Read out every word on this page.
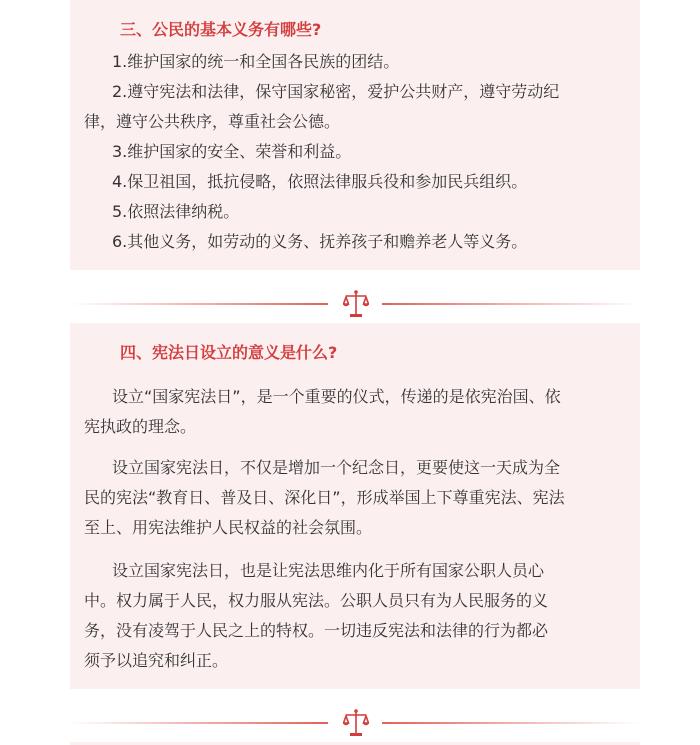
三、公民的基本义务有哪些?

1.维护国家的统一和全国各民族的团结。

2.遵守宪法和法律，保守国家秘密，爱护公共财产，遵守劳动纪

律，遵守公共秩序，尊重社会公德。

3.维护国家的安全、荣誉和利益。

4.保卫祖国，抵抗侵略，依照法律服兵役和参加民兵组织。

5.依照法律纳税。

6.其他义务，如劳动的义务、抚养孩子和赡养老人等义务。

四、宪法日设立的意义是什么?

设立“国家宪法日”，是一个重要的仪式，传递的是依宪治国、依
宪执政的理念。

设立国家宪法日，不仅是增加一个纪念日，更要使这一天成为全
民的宪法“教育日、普及日、深化日”，形成举国上下尊重宪法、宪法
至上、用宪法维护人民权益的社会氛围。

设立国家宪法日，也是让宪法思维内化于所有国家公职人员心
中。权力属于人民，权力服从宪法。公职人员只有为人民服务的义
务，没有凌驾于人民之上的特权。一切违反宪法和法律的行为都必
须予以追究和纠正。
